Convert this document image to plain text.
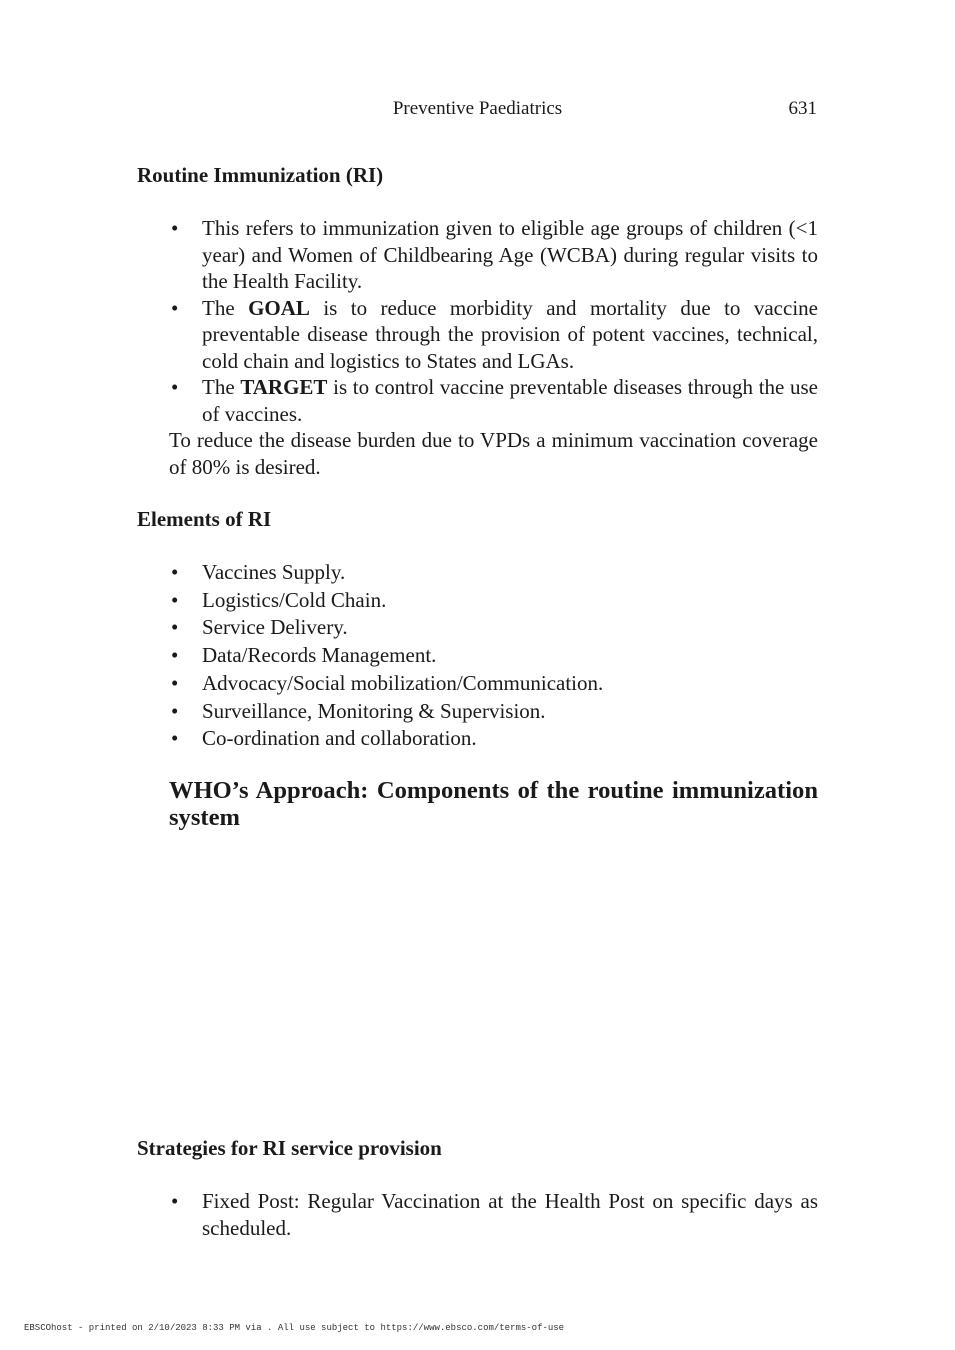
Preventive Paediatrics	631
Routine Immunization (RI)
• This refers to immunization given to eligible age groups of children (<1 year) and Women of Childbearing Age (WCBA) during regular visits to the Health Facility.
• The GOAL is to reduce morbidity and mortality due to vaccine preventable disease through the provision of potent vaccines, technical, cold chain and logistics to States and LGAs.
• The TARGET is to control vaccine preventable diseases through the use of vaccines.

To reduce the disease burden due to VPDs a minimum vaccination coverage of 80% is desired.

Elements of RI
• Vaccines Supply.
• Logistics/Cold Chain.
• Service Delivery.
• Data/Records Management.
• Advocacy/Social mobilization/Communication.
• Surveillance, Monitoring & Supervision.
• Co-ordination and collaboration.
WHO’s Approach: Components of the routine immunization system
Strategies for RI service provision
• Fixed Post: Regular Vaccination at the Health Post on specific days as scheduled.
EBSCOhost - printed on 2/10/2023 8:33 PM via . All use subject to https://www.ebsco.com/terms-of-use
